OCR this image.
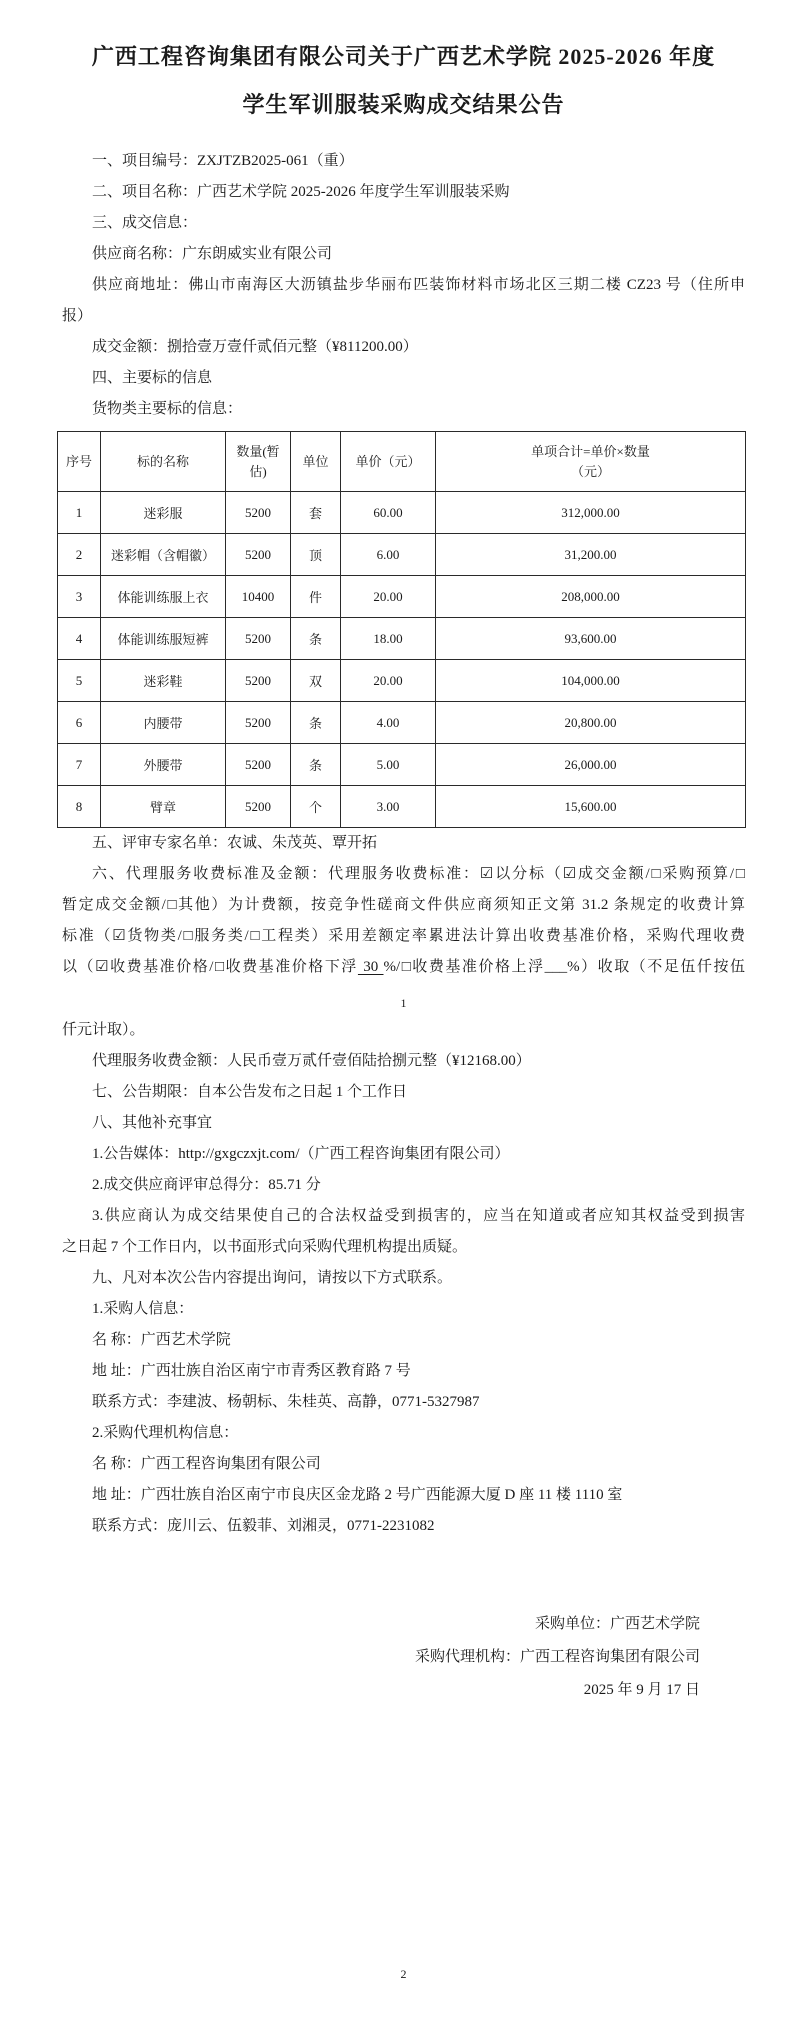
广西工程咨询集团有限公司关于广西艺术学院 2025-2026 年度
学生军训服装采购成交结果公告
一、项目编号：ZXJTZB2025-061（重）
二、项目名称：广西艺术学院 2025-2026 年度学生军训服装采购
三、成交信息：
供应商名称：广东朗威实业有限公司
供应商地址：佛山市南海区大沥镇盐步华丽布匹装饰材料市场北区三期二楼 CZ23 号（住所申
报）
成交金额：捌拾壹万壹仟贰佰元整（¥811200.00）
四、主要标的信息
货物类主要标的信息：
序号	标的名称	数量(暂估)	单位	单价（元）	单项合计=单价×数量
（元）

1	迷彩服	5200	套	60.00	312,000.00
2	迷彩帽（含帽徽）	5200	顶	6.00	31,200.00
3	体能训练服上衣	10400	件	20.00	208,000.00
4	体能训练服短裤	5200	条	18.00	93,600.00
5	迷彩鞋	5200	双	20.00	104,000.00
6	内腰带	5200	条	4.00	20,800.00
7	外腰带	5200	条	5.00	26,000.00
8	臂章	5200	个	3.00	15,600.00
五、评审专家名单：农诚、朱茂英、覃开拓
六、代理服务收费标准及金额：代理服务收费标准：☑以分标（☑成交金额/□采购预算/□
暂定成交金额/□其他）为计费额，按竞争性磋商文件供应商须知正文第 31.2 条规定的收费计算
标准（☑货物类/□服务类/□工程类）采用差额定率累进法计算出收费基准价格，采购代理收费
以（☑收费基准价格/□收费基准价格下浮 30 %/□收费基准价格上浮___%）收取（不足伍仟按伍
1
仟元计取）。
代理服务收费金额：人民币壹万贰仟壹佰陆拾捌元整（¥12168.00）
七、公告期限：自本公告发布之日起 1 个工作日
八、其他补充事宜
1.公告媒体：http://gxgczxjt.com/（广西工程咨询集团有限公司）
2.成交供应商评审总得分：85.71 分
3.供应商认为成交结果使自己的合法权益受到损害的，应当在知道或者应知其权益受到损害
之日起 7 个工作日内，以书面形式向采购代理机构提出质疑。
九、凡对本次公告内容提出询问，请按以下方式联系。
1.采购人信息：
名 称：广西艺术学院
地 址：广西壮族自治区南宁市青秀区教育路 7 号
联系方式：李建波、杨朝标、朱桂英、高静，0771-5327987
2.采购代理机构信息：
名 称：广西工程咨询集团有限公司
地 址：广西壮族自治区南宁市良庆区金龙路 2 号广西能源大厦 D 座 11 楼 1110 室
联系方式：庞川云、伍毅菲、刘湘灵，0771-2231082
采购单位：广西艺术学院
采购代理机构：广西工程咨询集团有限公司
2025 年 9 月 17 日
2
